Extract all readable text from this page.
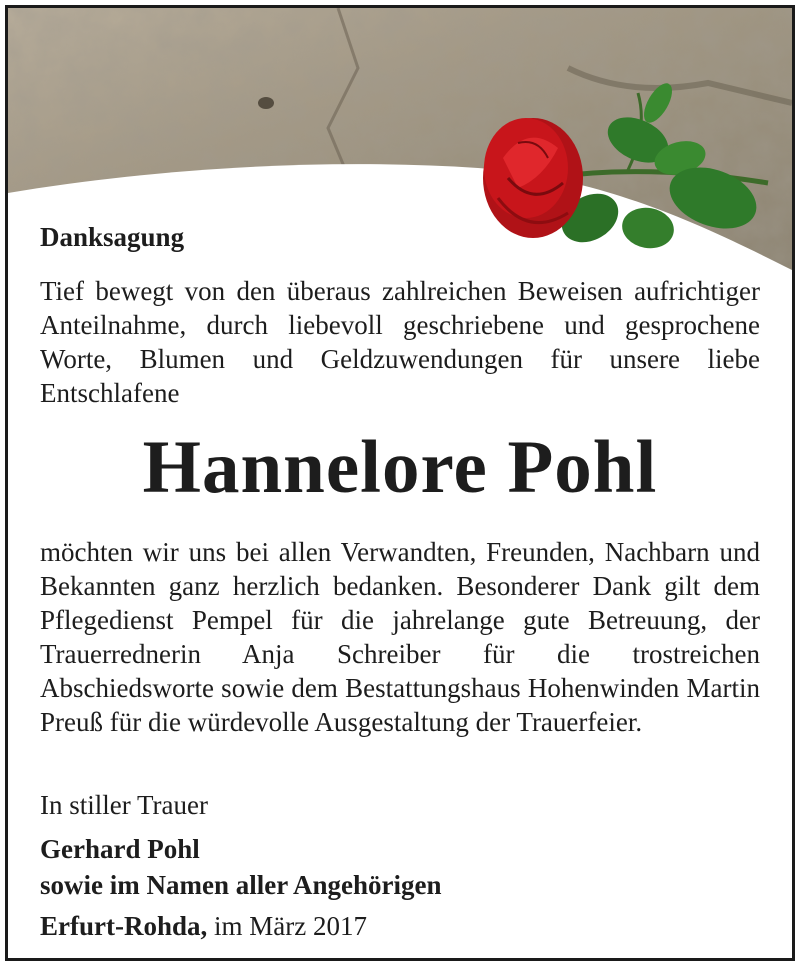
Danksagung
Tief bewegt von den überaus zahlreichen Beweisen aufrichtiger Anteilnahme, durch liebevoll geschriebene und gesprochene Worte, Blumen und Geldzuwendungen für unsere liebe Entschlafene
Hannelore Pohl
möchten wir uns bei allen Verwandten, Freunden, Nachbarn und Bekannten ganz herzlich bedanken. Besonderer Dank gilt dem Pflegedienst Pempel für die jahrelange gute Betreuung, der Trauerrednerin Anja Schreiber für die trostreichen Abschiedsworte sowie dem Bestattungshaus Hohenwinden Martin Preuß für die würdevolle Ausgestaltung der Trauerfeier.
In stiller Trauer
Gerhard Pohl
sowie im Namen aller Angehörigen
Erfurt-Rohda, im März 2017
